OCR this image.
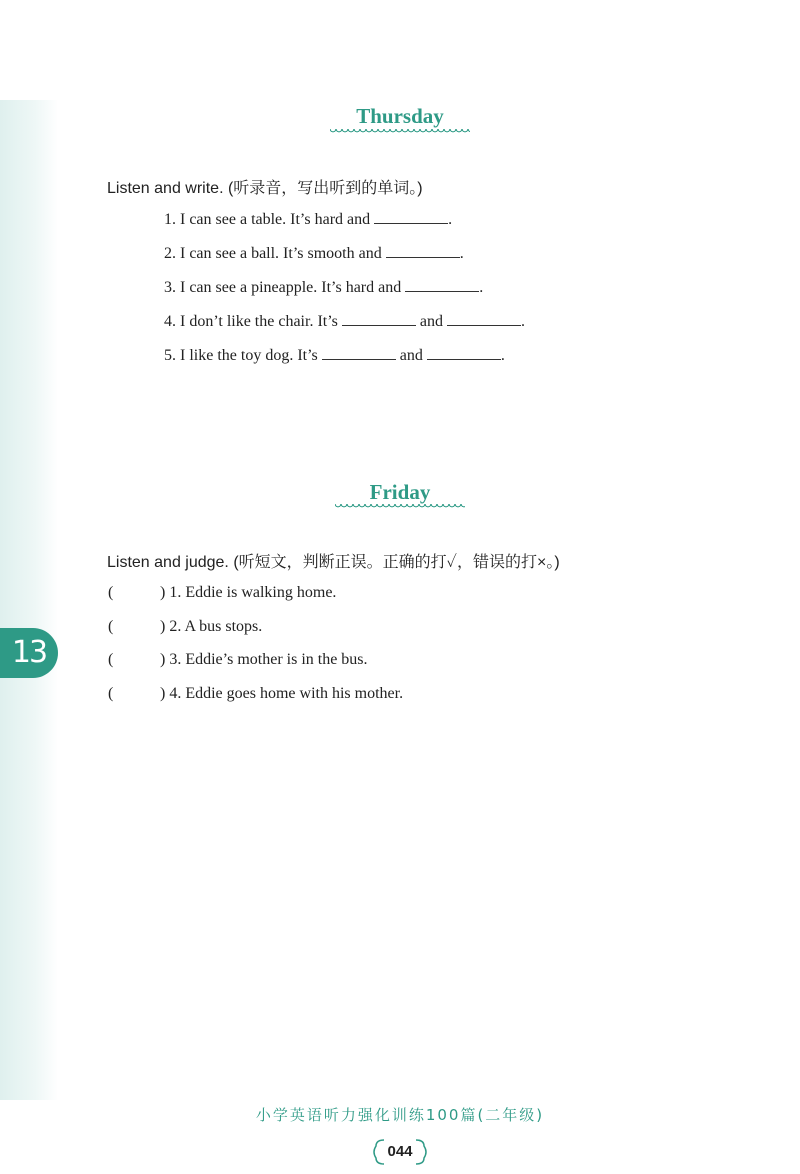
13
Thursday
Listen and write. (听录音，写出听到的单词。)
1. I can see a table. It’s hard and	.
2. I can see a ball. It’s smooth and	.
3. I can see a pineapple. It’s hard and	.
4. I don’t like the chair. It’s	and	.
5. I like the toy dog. It’s	and	.
Friday
Listen and judge. (听短文，判断正误。正确的打✓，错误的打×。)
(	) 1. Eddie is walking home.
(	) 2. A bus stops.
(	) 3. Eddie’s mother is in the bus.
(	) 4. Eddie goes home with his mother.
小学英语听力强化训练100篇(二年级)
044
